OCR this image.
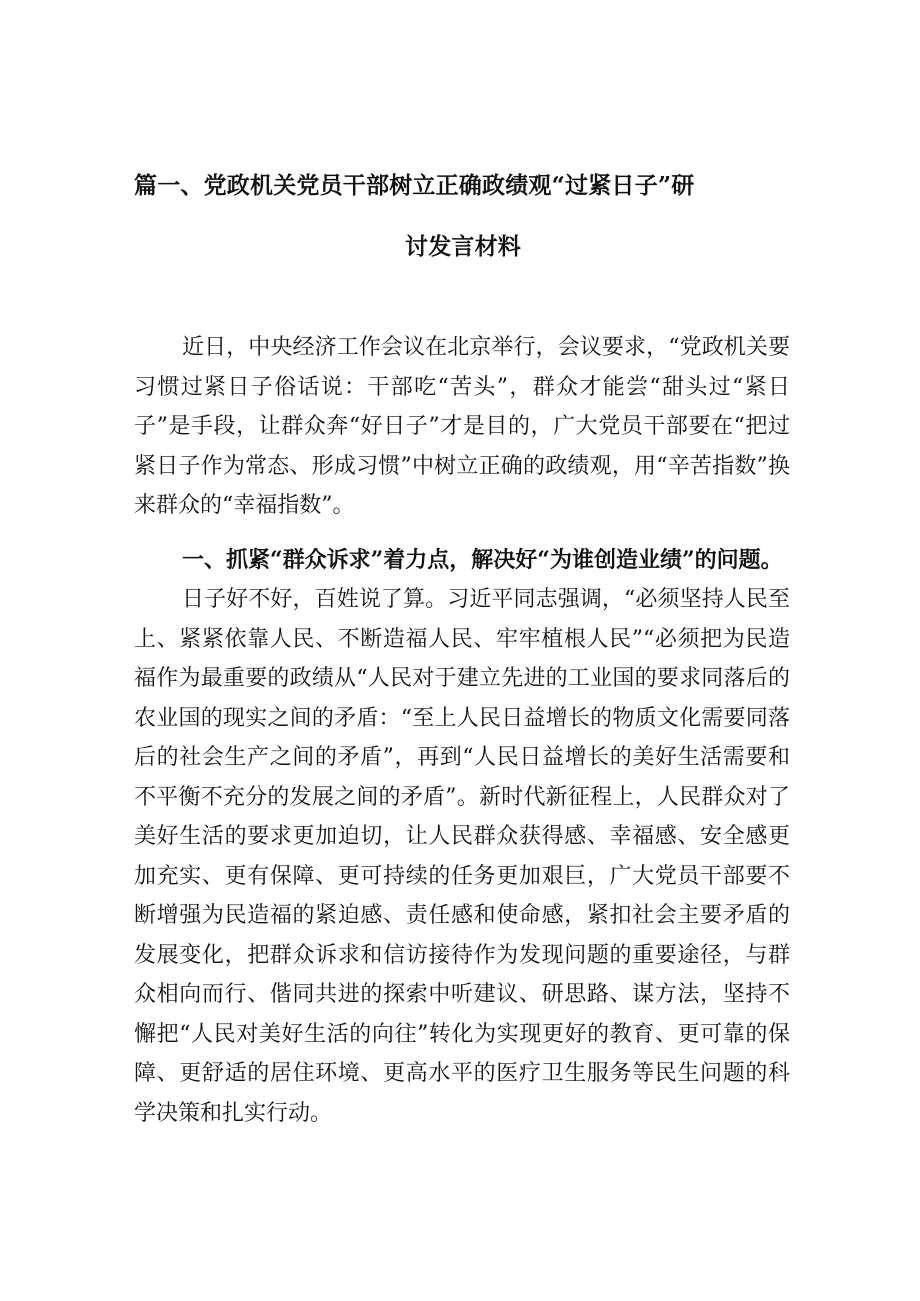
篇一、党政机关党员干部树立正确政绩观“过紧日子”研
讨发言材料

近日，中央经济工作会议在北京举行，会议要求，“党政机关要习惯过紧日子俗话说：干部吃“苦头”，群众才能尝“甜头过“紧日子”是手段，让群众奔“好日子”才是目的，广大党员干部要在“把过紧日子作为常态、形成习惯”中树立正确的政绩观，用“辛苦指数”换来群众的“幸福指数”。

一、抓紧“群众诉求”着力点，解决好“为谁创造业绩”的问题。

日子好不好，百姓说了算。习近平同志强调，“必须坚持人民至上、紧紧依靠人民、不断造福人民、牢牢植根人民”“必须把为民造福作为最重要的政绩从“人民对于建立先进的工业国的要求同落后的农业国的现实之间的矛盾：“至上人民日益增长的物质文化需要同落后的社会生产之间的矛盾”，再到“人民日益增长的美好生活需要和不平衡不充分的发展之间的矛盾”。新时代新征程上，人民群众对了美好生活的要求更加迫切，让人民群众获得感、幸福感、安全感更加充实、更有保障、更可持续的任务更加艰巨，广大党员干部要不断增强为民造福的紧迫感、责任感和使命感，紧扣社会主要矛盾的发展变化，把群众诉求和信访接待作为发现问题的重要途径，与群众相向而行、偕同共进的探索中听建议、研思路、谋方法，坚持不懈把“人民对美好生活的向往”转化为实现更好的教育、更可靠的保障、更舒适的居住环境、更高水平的医疗卫生服务等民生问题的科学决策和扎实行动。
